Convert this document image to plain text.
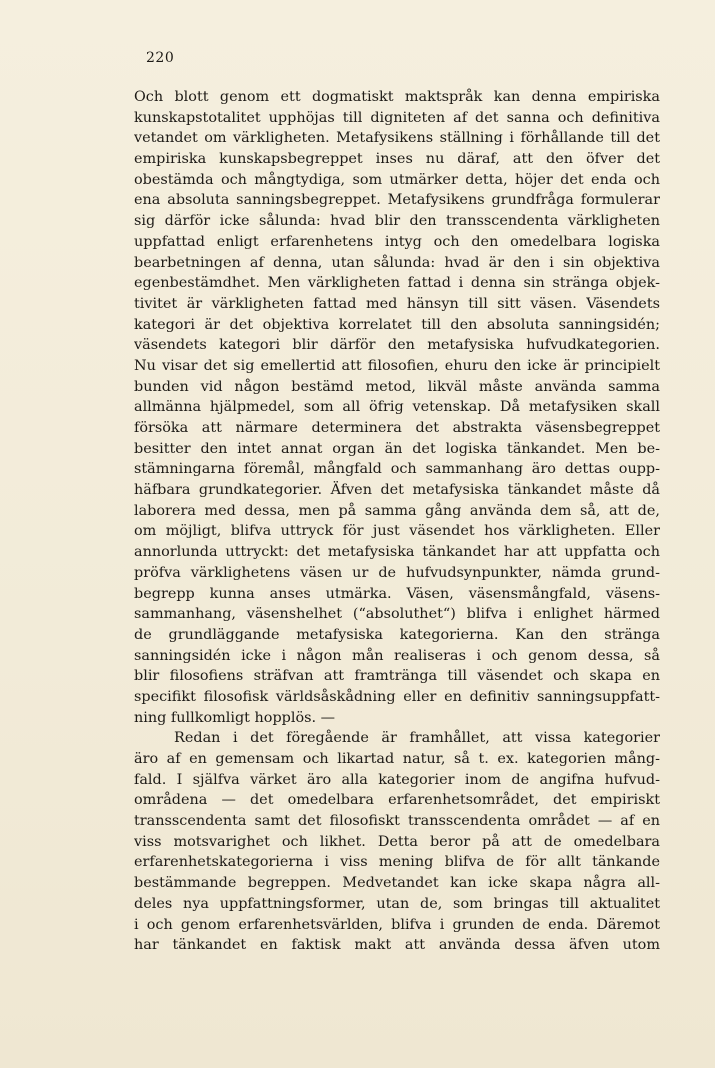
220
Och blott genom ett dogmatiskt maktspråk kan denna empiriska
kunskapstotalitet upphöjas till digniteten af det sanna och definitiva
vetandet om värkligheten. Metafysikens ställning i förhållande till det
empiriska kunskapsbegreppet inses nu däraf, att den öfver det
obestämda och mångtydiga, som utmärker detta, höjer det enda och
ena absoluta sanningsbegreppet. Metafysikens grundfråga formulerar
sig därför icke sålunda: hvad blir den transscendenta värkligheten
uppfattad enligt erfarenhetens intyg och den omedelbara logiska
bearbetningen af denna, utan sålunda: hvad är den i sin objektiva
egenbestämdhet. Men värkligheten fattad i denna sin stränga objek-
tivitet är värkligheten fattad med hänsyn till sitt väsen. Väsendets
kategori är det objektiva korrelatet till den absoluta sanningsidén;
väsendets kategori blir därför den metafysiska hufvudkategorien.
Nu visar det sig emellertid att filosofien, ehuru den icke är principielt
bunden vid någon bestämd metod, likväl måste använda samma
allmänna hjälpmedel, som all öfrig vetenskap. Då metafysiken skall
försöka att närmare determinera det abstrakta väsensbegreppet
besitter den intet annat organ än det logiska tänkandet. Men be-
stämningarna föremål, mångfald och sammanhang äro dettas oupp-
häfbara grundkategorier. Äfven det metafysiska tänkandet måste då
laborera med dessa, men på samma gång använda dem så, att de,
om möjligt, blifva uttryck för just väsendet hos värkligheten. Eller
annorlunda uttryckt: det metafysiska tänkandet har att uppfatta och
pröfva värklighetens väsen ur de hufvudsynpunkter, nämda grund-
begrepp kunna anses utmärka. Väsen, väsensmångfald, väsens-
sammanhang, väsenshelhet (“absoluthet“) blifva i enlighet härmed
de grundläggande metafysiska kategorierna. Kan den stränga
sanningsidén icke i någon mån realiseras i och genom dessa, så
blir filosofiens sträfvan att framtränga till väsendet och skapa en
specifikt filosofisk världsåskådning eller en definitiv sanningsuppfatt-
ning fullkomligt hopplös. —
Redan i det föregående är framhållet, att vissa kategorier
äro af en gemensam och likartad natur, så t. ex. kategorien mång-
fald. I själfva värket äro alla kategorier inom de angifna hufvud-
områdena — det omedelbara erfarenhetsområdet, det empiriskt
transscendenta samt det filosofiskt transscendenta området — af en
viss motsvarighet och likhet. Detta beror på att de omedelbara
erfarenhetskategorierna i viss mening blifva de för allt tänkande
bestämmande begreppen. Medvetandet kan icke skapa några all-
deles nya uppfattningsformer, utan de, som bringas till aktualitet
i och genom erfarenhetsvärlden, blifva i grunden de enda. Däremot
har tänkandet en faktisk makt att använda dessa äfven utom
